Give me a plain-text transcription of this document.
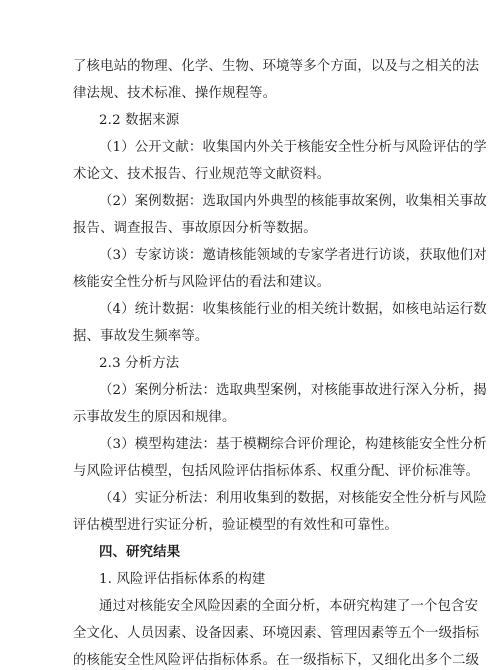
了核电站的物理、化学、生物、环境等多个方面，以及与之相关的法
律法规、技术标准、操作规程等。
2.2 数据来源
（1）公开文献：收集国内外关于核能安全性分析与风险评估的学
术论文、技术报告、行业规范等文献资料。
（2）案例数据：选取国内外典型的核能事故案例，收集相关事故
报告、调查报告、事故原因分析等数据。
（3）专家访谈：邀请核能领域的专家学者进行访谈，获取他们对
核能安全性分析与风险评估的看法和建议。
（4）统计数据：收集核能行业的相关统计数据，如核电站运行数
据、事故发生频率等。
2.3 分析方法
（2）案例分析法：选取典型案例，对核能事故进行深入分析，揭
示事故发生的原因和规律。
（3）模型构建法：基于模糊综合评价理论，构建核能安全性分析
与风险评估模型，包括风险评估指标体系、权重分配、评价标准等。
（4）实证分析法：利用收集到的数据，对核能安全性分析与风险
评估模型进行实证分析，验证模型的有效性和可靠性。
四、研究结果
1. 风险评估指标体系的构建
通过对核能安全风险因素的全面分析，本研究构建了一个包含安
全文化、人员因素、设备因素、环境因素、管理因素等五个一级指标
的核能安全性风险评估指标体系。在一级指标下，又细化出多个二级
